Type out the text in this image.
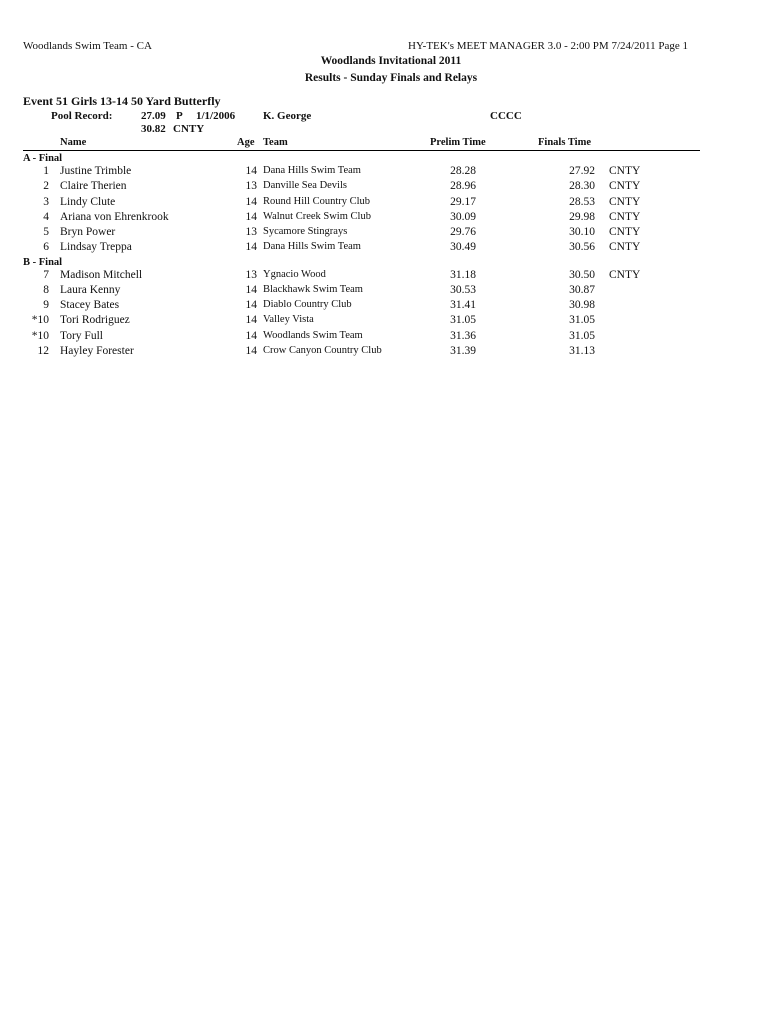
Woodlands Swim Team - CA	HY-TEK's MEET MANAGER 3.0 - 2:00 PM 7/24/2011 Page 1
Woodlands Invitational 2011
Results - Sunday Finals and Relays
Event 51 Girls 13-14 50 Yard Butterfly
Pool Record:	27.09 P 1/1/2006	K. George	CCCC
30.82 CNTY
Name	Age Team	Prelim Time	Finals Time
A - Final
1 Justine Trimble	14 Dana Hills Swim Team	28.28	27.92 CNTY
2 Claire Therien	13 Danville Sea Devils	28.96	28.30 CNTY
3 Lindy Clute	14 Round Hill Country Club	29.17	28.53 CNTY
4 Ariana von Ehrenkrook	14 Walnut Creek Swim Club	30.09	29.98 CNTY
5 Bryn Power	13 Sycamore Stingrays	29.76	30.10 CNTY
6 Lindsay Treppa	14 Dana Hills Swim Team	30.49	30.56 CNTY
B - Final
7 Madison Mitchell	13 Ygnacio Wood	31.18	30.50 CNTY
8 Laura Kenny	14 Blackhawk Swim Team	30.53	30.87
9 Stacey Bates	14 Diablo Country Club	31.41	30.98
*10 Tori Rodriguez	14 Valley Vista	31.05	31.05
*10 Tory Full	14 Woodlands Swim Team	31.36	31.05
12 Hayley Forester	14 Crow Canyon Country Club	31.39	31.13
